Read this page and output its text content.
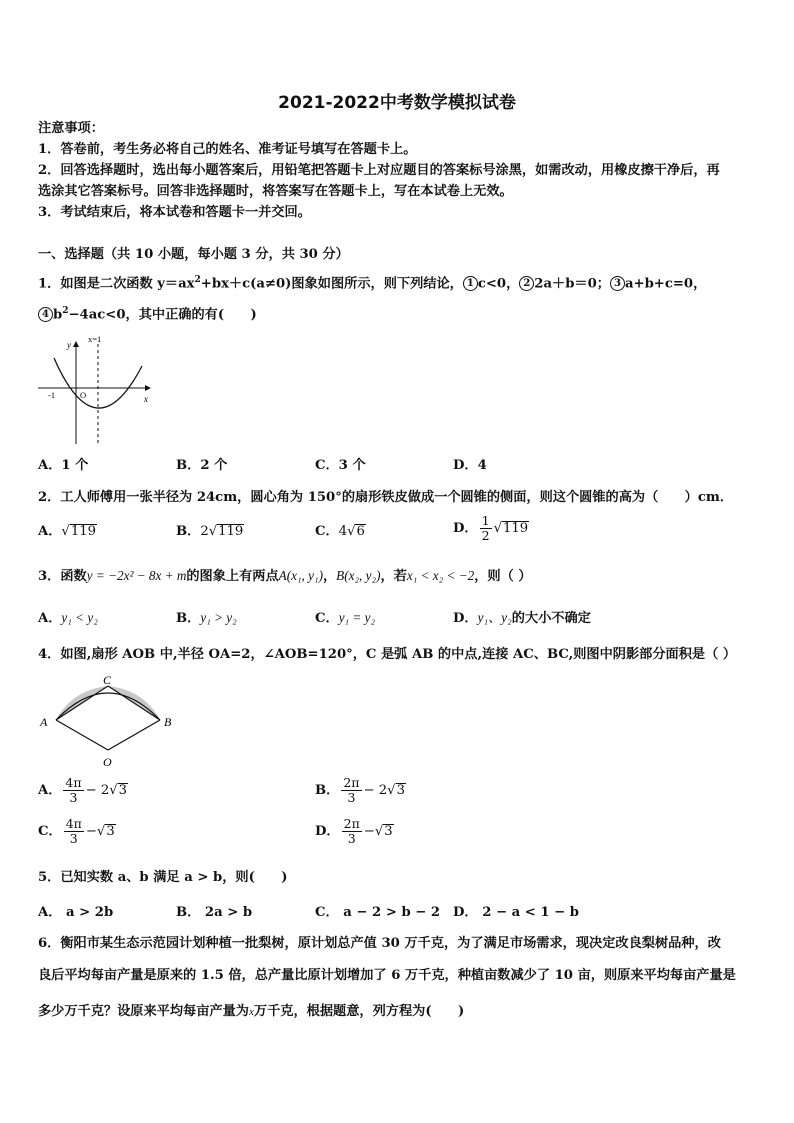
2021-2022中考数学模拟试卷
注意事项：
1．答卷前，考生务必将自己的姓名、准考证号填写在答题卡上。
2．回答选择题时，选出每小题答案后，用铅笔把答题卡上对应题目的答案标号涂黑，如需改动，用橡皮擦干净后，再
选涂其它答案标号。回答非选择题时，将答案写在答题卡上，写在本试卷上无效。
3．考试结束后，将本试卷和答题卡一并交回。
一、选择题（共 10 小题，每小题 3 分，共 30 分）
1．如图是二次函数 $y=ax^2+bx+c(a\ne 0)$图象如图所示，则下列结论， 1 c<0， 2 2a＋b＝0； 3 a+b+c=0，
4 $b^2-4ac<0$，其中正确的有(　　)
y
x
x=1
-1	O
A．1 个	B．2 个	C．3 个	D．4
2．工人师傅用一张半径为 24cm，圆心角为 150°的扇形铁皮做成一个圆锥的侧面，则这个圆锥的高为（　　）cm．
A．√119	B．2√119	C．4√6	D． $\frac{1}{2} √119$
3．函数y = −2x² − 8x + m的图象上有两点A(x₁, y₁)，B(x₂, y₂)，若x₁ < x₂ < −2，则（ ）
A．y₁ < y₂	B．y₁ > y₂	C．y₁ = y₂	D．y₁、y₂的大小不确定
4．如图,扇形 AOB 中,半径 OA=2，∠AOB=120°，C 是弧 AB 的中点,连接 AC、BC,则图中阴影部分面积是（ ）
C
A	B
O
A． $\frac{4\pi}{3} - 2√3$	B． $\frac{2\pi}{3} - 2√3$
C． $\frac{4\pi}{3} -√3$	D． $\frac{2\pi}{3} -√3$
5．已知实数 a、b 满足 a > b，则(　　)
A． a > 2b	B． 2a > b	C． a − 2 > b − 2 D． 2 − a < 1 − b
6．衡阳市某生态示范园计划种植一批梨树，原计划总产值 30 万千克，为了满足市场需求，现决定改良梨树品种，改
良后平均每亩产量是原来的 1.5 倍，总产量比原计划增加了 6 万千克，种植亩数减少了 10 亩，则原来平均每亩产量是
多少万千克？设原来平均每亩产量为x万千克，根据题意，列方程为(　　)
